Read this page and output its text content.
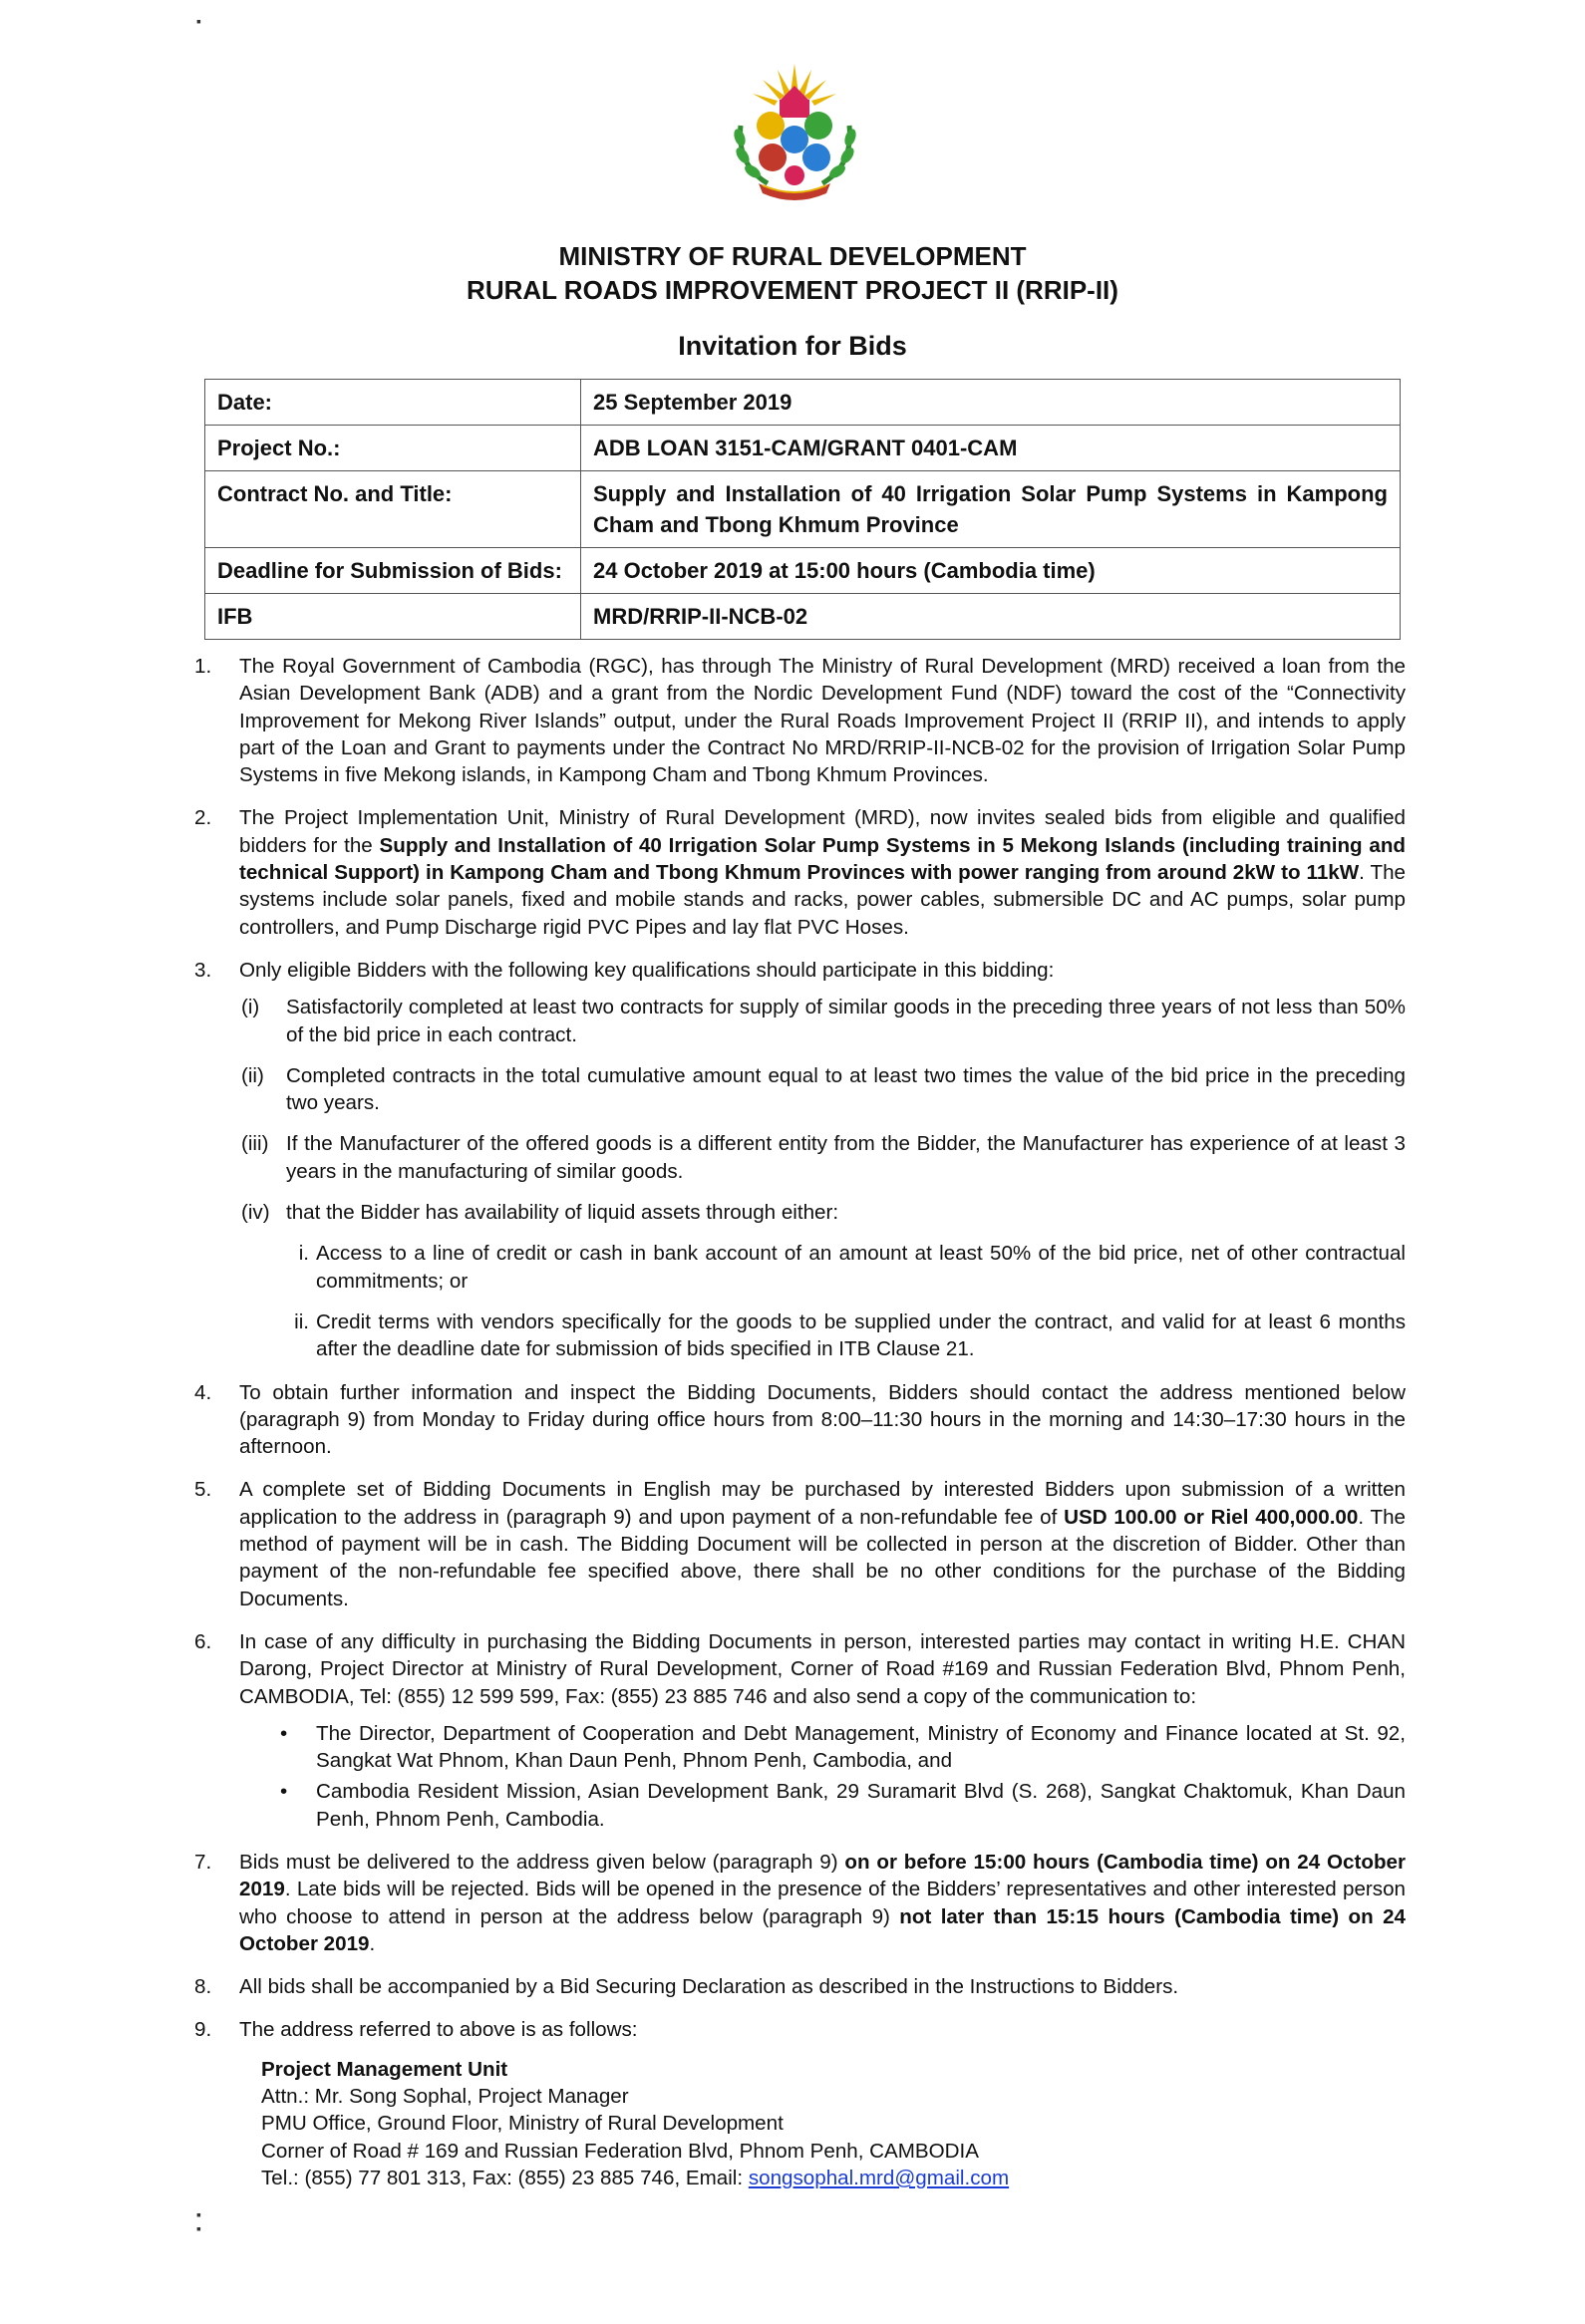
▪
▪
▪
MINISTRY OF RURAL DEVELOPMENT
RURAL ROADS IMPROVEMENT PROJECT II (RRIP-II)
Invitation for Bids
Date:	25 September 2019
Project No.:	ADB LOAN 3151-CAM/GRANT 0401-CAM
Contract No. and Title:	Supply and Installation of 40 Irrigation Solar Pump Systems in Kampong Cham and Tbong Khmum Province
Deadline for Submission of Bids:	24 October 2019 at 15:00 hours (Cambodia time)
IFB	MRD/RRIP-II-NCB-02
1. The Royal Government of Cambodia (RGC), has through The Ministry of Rural Development (MRD) received a loan from the Asian Development Bank (ADB) and a grant from the Nordic Development Fund (NDF) toward the cost of the “Connectivity Improvement for Mekong River Islands” output, under the Rural Roads Improvement Project II (RRIP II), and intends to apply part of the Loan and Grant to payments under the Contract No MRD/RRIP-II-NCB-02 for the provision of Irrigation Solar Pump Systems in five Mekong islands, in Kampong Cham and Tbong Khmum Provinces.
2. The Project Implementation Unit, Ministry of Rural Development (MRD), now invites sealed bids from eligible and qualified bidders for the Supply and Installation of 40 Irrigation Solar Pump Systems in 5 Mekong Islands (including training and technical Support) in Kampong Cham and Tbong Khmum Provinces with power ranging from around 2kW to 11kW. The systems include solar panels, fixed and mobile stands and racks, power cables, submersible DC and AC pumps, solar pump controllers, and Pump Discharge rigid PVC Pipes and lay flat PVC Hoses.
3. Only eligible Bidders with the following key qualifications should participate in this bidding:
(i) Satisfactorily completed at least two contracts for supply of similar goods in the preceding three years of not less than 50% of the bid price in each contract.
(ii) Completed contracts in the total cumulative amount equal to at least two times the value of the bid price in the preceding two years.
(iii) If the Manufacturer of the offered goods is a different entity from the Bidder, the Manufacturer has experience of at least 3 years in the manufacturing of similar goods.
(iv) that the Bidder has availability of liquid assets through either:
i. Access to a line of credit or cash in bank account of an amount at least 50% of the bid price, net of other contractual commitments; or
ii. Credit terms with vendors specifically for the goods to be supplied under the contract, and valid for at least 6 months after the deadline date for submission of bids specified in ITB Clause 21.
4. To obtain further information and inspect the Bidding Documents, Bidders should contact the address mentioned below (paragraph 9) from Monday to Friday during office hours from 8:00–11:30 hours in the morning and 14:30–17:30 hours in the afternoon.
5. A complete set of Bidding Documents in English may be purchased by interested Bidders upon submission of a written application to the address in (paragraph 9) and upon payment of a non-refundable fee of USD 100.00 or Riel 400,000.00. The method of payment will be in cash. The Bidding Document will be collected in person at the discretion of Bidder. Other than payment of the non-refundable fee specified above, there shall be no other conditions for the purchase of the Bidding Documents.
6. In case of any difficulty in purchasing the Bidding Documents in person, interested parties may contact in writing H.E. CHAN Darong, Project Director at Ministry of Rural Development, Corner of Road #169 and Russian Federation Blvd, Phnom Penh, CAMBODIA, Tel: (855) 12 599 599, Fax: (855) 23 885 746 and also send a copy of the communication to:
• The Director, Department of Cooperation and Debt Management, Ministry of Economy and Finance located at St. 92, Sangkat Wat Phnom, Khan Daun Penh, Phnom Penh, Cambodia, and
• Cambodia Resident Mission, Asian Development Bank, 29 Suramarit Blvd (S. 268), Sangkat Chaktomuk, Khan Daun Penh, Phnom Penh, Cambodia.
7. Bids must be delivered to the address given below (paragraph 9) on or before 15:00 hours (Cambodia time) on 24 October 2019. Late bids will be rejected. Bids will be opened in the presence of the Bidders’ representatives and other interested person who choose to attend in person at the address below (paragraph 9) not later than 15:15 hours (Cambodia time) on 24 October 2019.
8. All bids shall be accompanied by a Bid Securing Declaration as described in the Instructions to Bidders.
9. The address referred to above is as follows:
Project Management Unit
Attn.: Mr. Song Sophal, Project Manager
PMU Office, Ground Floor, Ministry of Rural Development
Corner of Road # 169 and Russian Federation Blvd, Phnom Penh, CAMBODIA
Tel.: (855) 77 801 313, Fax: (855) 23 885 746, Email: songsophal.mrd@gmail.com
